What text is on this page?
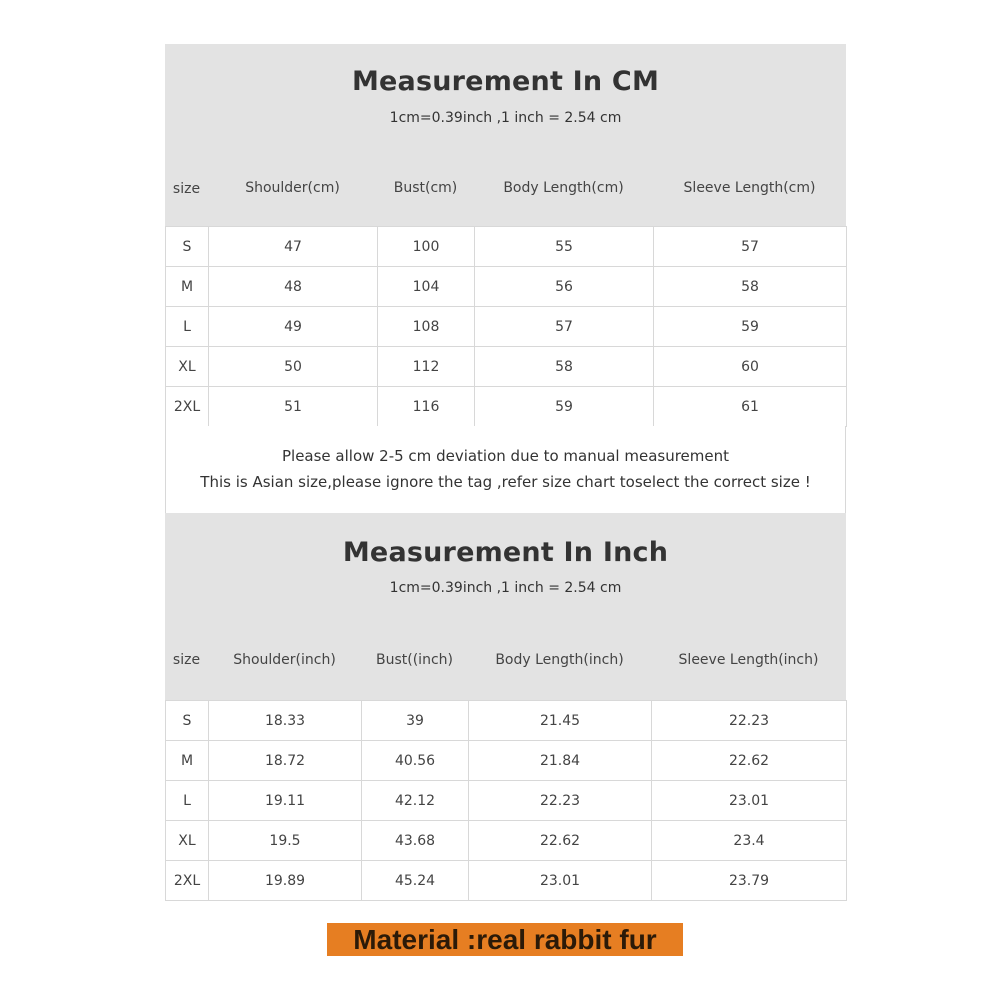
Measurement In CM
1cm=0.39inch ,1 inch = 2.54 cm
size	Shoulder(cm)	Bust(cm)	Body Length(cm)	Sleeve Length(cm)
S	47	100	55	57
M	48	104	56	58
L	49	108	57	59
XL	50	112	58	60
2XL	51	116	59	61
Please allow 2-5 cm deviation due to manual measurement
This is Asian size,please ignore the tag ,refer size chart toselect the correct size !
Measurement In Inch
1cm=0.39inch ,1 inch = 2.54 cm
size	Shoulder(inch)	Bust((inch)	Body Length(inch)	Sleeve Length(inch)
S	18.33	39	21.45	22.23
M	18.72	40.56	21.84	22.62
L	19.11	42.12	22.23	23.01
XL	19.5	43.68	22.62	23.4
2XL	19.89	45.24	23.01	23.79
Material :real rabbit fur
